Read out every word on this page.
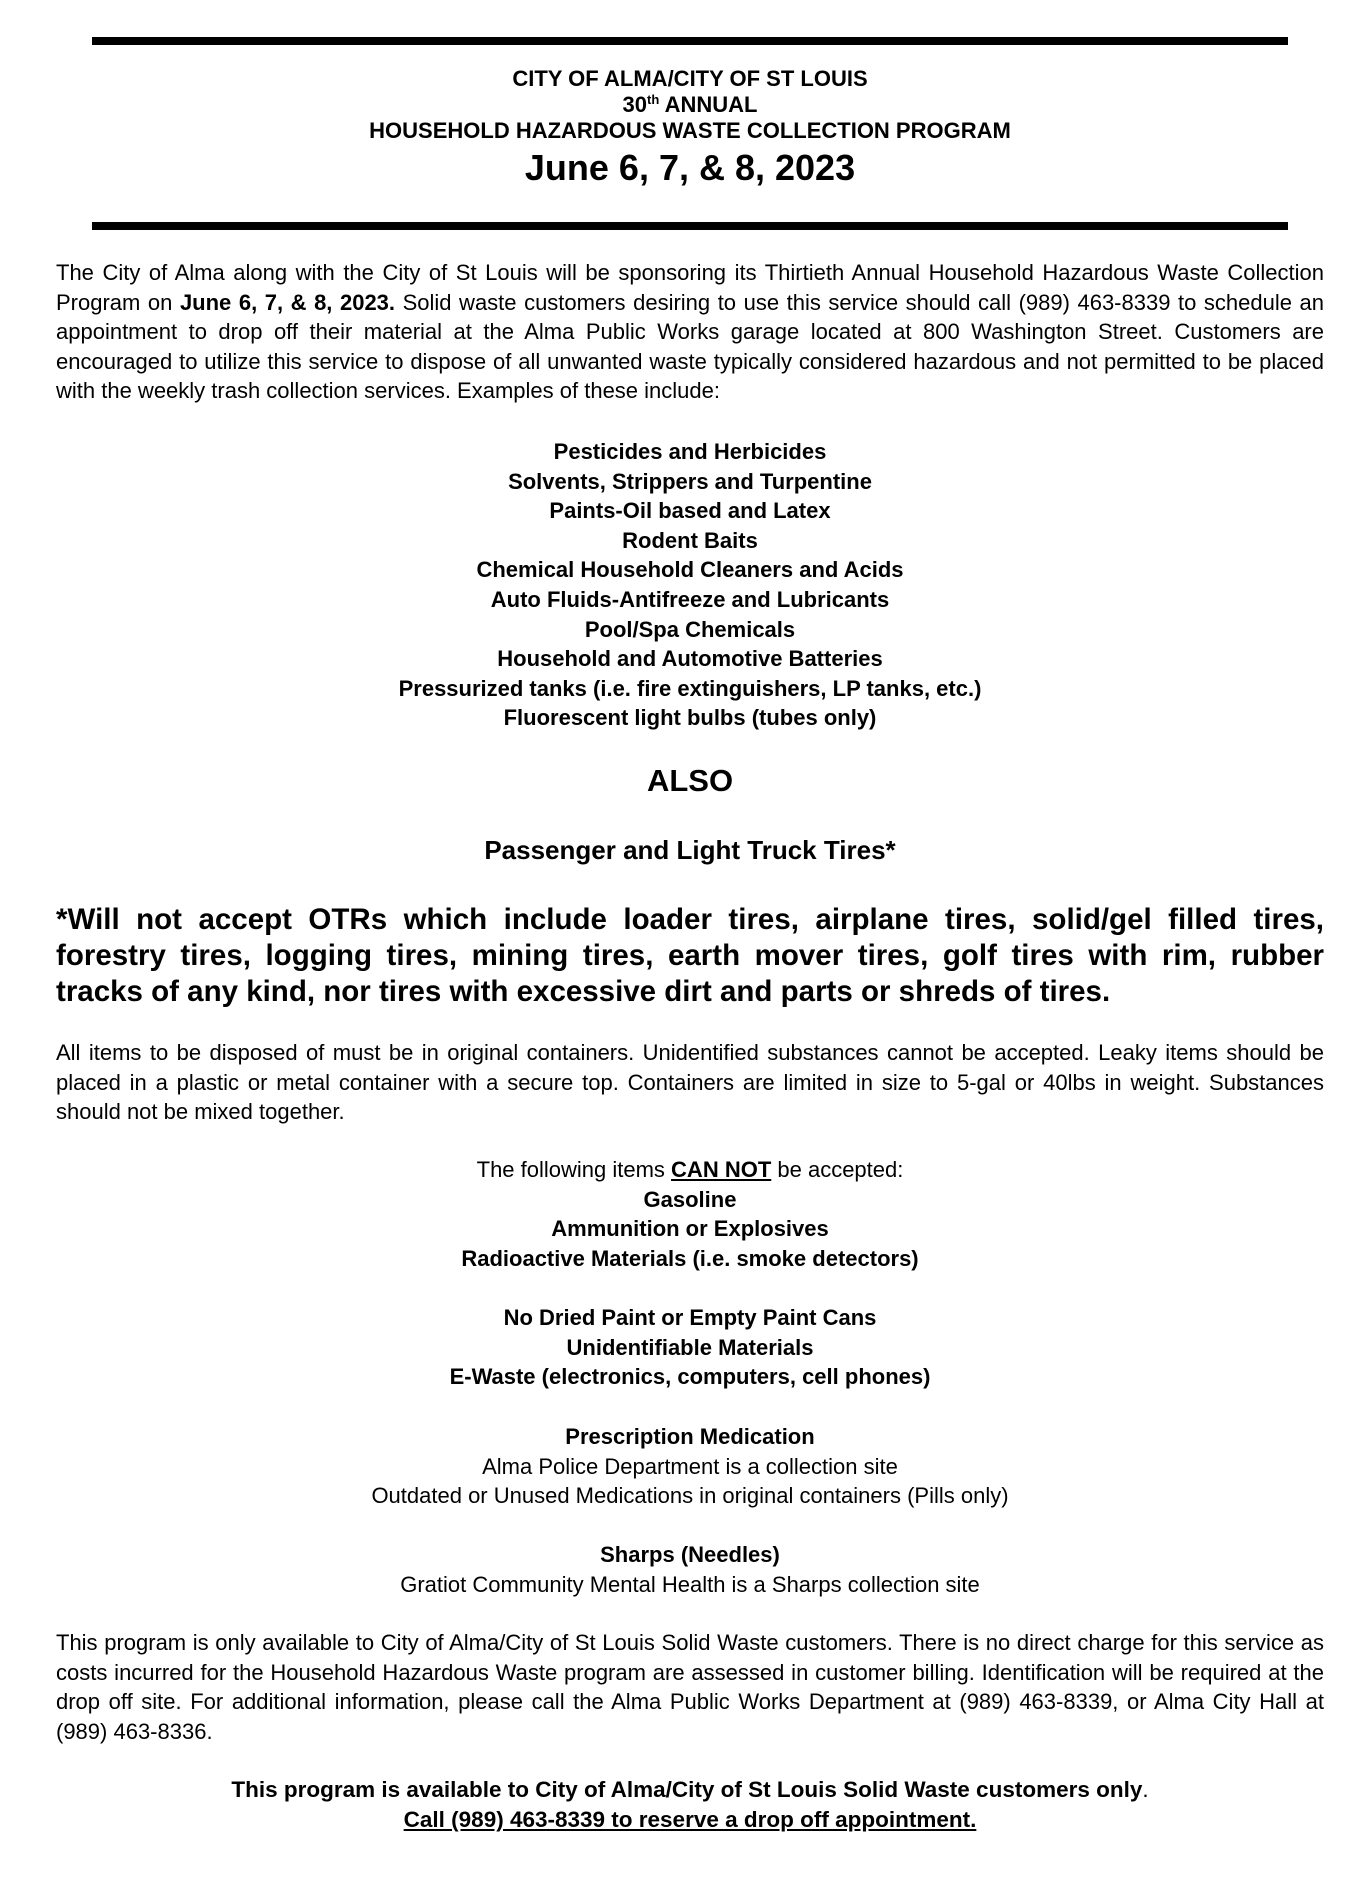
CITY OF ALMA/CITY OF ST LOUIS
30th ANNUAL
HOUSEHOLD HAZARDOUS WASTE COLLECTION PROGRAM
June 6, 7, & 8, 2023
The City of Alma along with the City of St Louis will be sponsoring its Thirtieth Annual Household Hazardous Waste Collection Program on June 6, 7, & 8, 2023. Solid waste customers desiring to use this service should call (989) 463-8339 to schedule an appointment to drop off their material at the Alma Public Works garage located at 800 Washington Street. Customers are encouraged to utilize this service to dispose of all unwanted waste typically considered hazardous and not permitted to be placed with the weekly trash collection services. Examples of these include:
Pesticides and Herbicides
Solvents, Strippers and Turpentine
Paints-Oil based and Latex
Rodent Baits
Chemical Household Cleaners and Acids
Auto Fluids-Antifreeze and Lubricants
Pool/Spa Chemicals
Household and Automotive Batteries
Pressurized tanks (i.e. fire extinguishers, LP tanks, etc.)
Fluorescent light bulbs (tubes only)
ALSO
Passenger and Light Truck Tires*
*Will not accept OTRs which include loader tires, airplane tires, solid/gel filled tires, forestry tires, logging tires, mining tires, earth mover tires, golf tires with rim, rubber tracks of any kind, nor tires with excessive dirt and parts or shreds of tires.
All items to be disposed of must be in original containers. Unidentified substances cannot be accepted. Leaky items should be placed in a plastic or metal container with a secure top. Containers are limited in size to 5-gal or 40lbs in weight. Substances should not be mixed together.
The following items CAN NOT be accepted:
Gasoline
Ammunition or Explosives
Radioactive Materials (i.e. smoke detectors)
No Dried Paint or Empty Paint Cans
Unidentifiable Materials
E-Waste (electronics, computers, cell phones)
Prescription Medication
Alma Police Department is a collection site
Outdated or Unused Medications in original containers (Pills only)
Sharps (Needles)
Gratiot Community Mental Health is a Sharps collection site
This program is only available to City of Alma/City of St Louis Solid Waste customers. There is no direct charge for this service as costs incurred for the Household Hazardous Waste program are assessed in customer billing. Identification will be required at the drop off site. For additional information, please call the Alma Public Works Department at (989) 463-8339, or Alma City Hall at (989) 463-8336.
This program is available to City of Alma/City of St Louis Solid Waste customers only.
Call (989) 463-8339 to reserve a drop off appointment.
